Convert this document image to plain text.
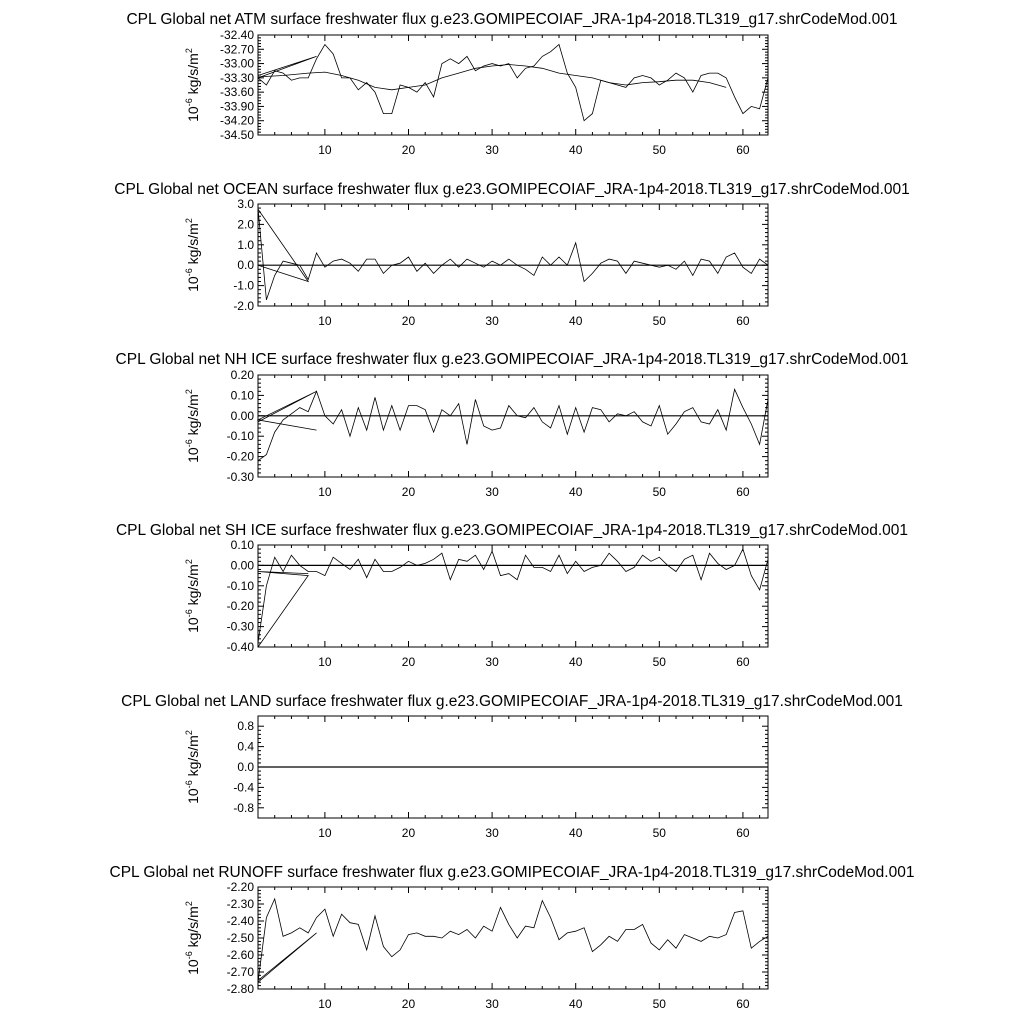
CPL Global net ATM surface freshwater flux g.e23.GOMIPECOIAF_JRA-1p4-2018.TL319_g17.shrCodeMod.001
-32.40
-32.70
-33.00
-33.30
-33.60
-33.90
-34.20
-34.50
10	20	30	40	50	60
$10^{-6}$ $kg/s/m^2$
CPL Global net OCEAN surface freshwater flux g.e23.GOMIPECOIAF_JRA-1p4-2018.TL319_g17.shrCodeMod.001
3.0
2.0
1.0
0.0
-1.0
-2.0
10	20	30	40	50	60
$10^{-6}$ $kg/s/m^2$
CPL Global net NH ICE surface freshwater flux g.e23.GOMIPECOIAF_JRA-1p4-2018.TL319_g17.shrCodeMod.001
0.20
0.10
0.00
-0.10
-0.20
-0.30
10	20	30	40	50	60
$10^{-6}$ $kg/s/m^2$
CPL Global net SH ICE surface freshwater flux g.e23.GOMIPECOIAF_JRA-1p4-2018.TL319_g17.shrCodeMod.001
0.10
0.00
-0.10
-0.20
-0.30
-0.40
10	20	30	40	50	60
$10^{-6}$ $kg/s/m^2$
CPL Global net LAND surface freshwater flux g.e23.GOMIPECOIAF_JRA-1p4-2018.TL319_g17.shrCodeMod.001
0.8
0.4
0.0
-0.4
-0.8
10	20	30	40	50	60
$10^{-6}$ $kg/s/m^2$
CPL Global net RUNOFF surface freshwater flux g.e23.GOMIPECOIAF_JRA-1p4-2018.TL319_g17.shrCodeMod.001
-2.20
-2.30
-2.40
-2.50
-2.60
-2.70
-2.80
10	20	30	40	50	60
$10^{-6}$ $kg/s/m^2$
